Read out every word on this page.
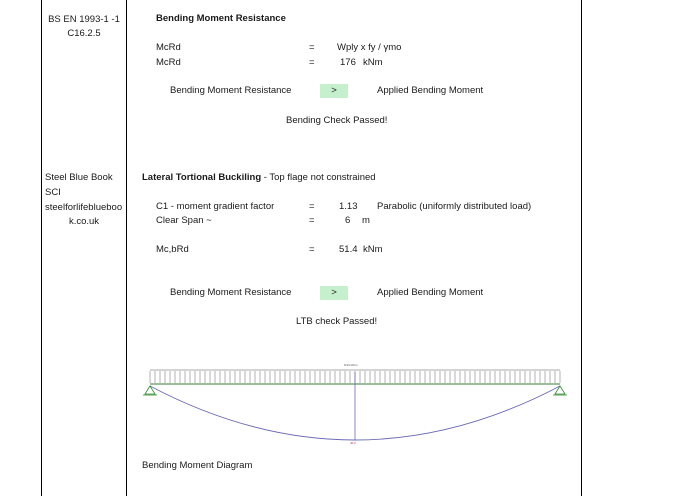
BS EN 1993-1 -1
C16.2.5
Steel Blue Book
SCI
steelforlifeblueboo
k.co.uk
Bending Moment Resistance
McRd	= Wply x fy / γmo
McRd	=	176 kNm
Bending Moment Resistance	>	Applied Bending Moment
Bending Check Passed!
Lateral Tortional Buckiling - Top flage not constrained
C1 - moment gradient factor	=	1.13 Parabolic (uniformly distributed load)
Clear Span ~	=	6 m
Mc,bRd	=	51.4 kNm
Bending Moment Resistance	>	Applied Bending Moment
LTB check Passed!
8.93 kN/m
40.2
Bending Moment Diagram
